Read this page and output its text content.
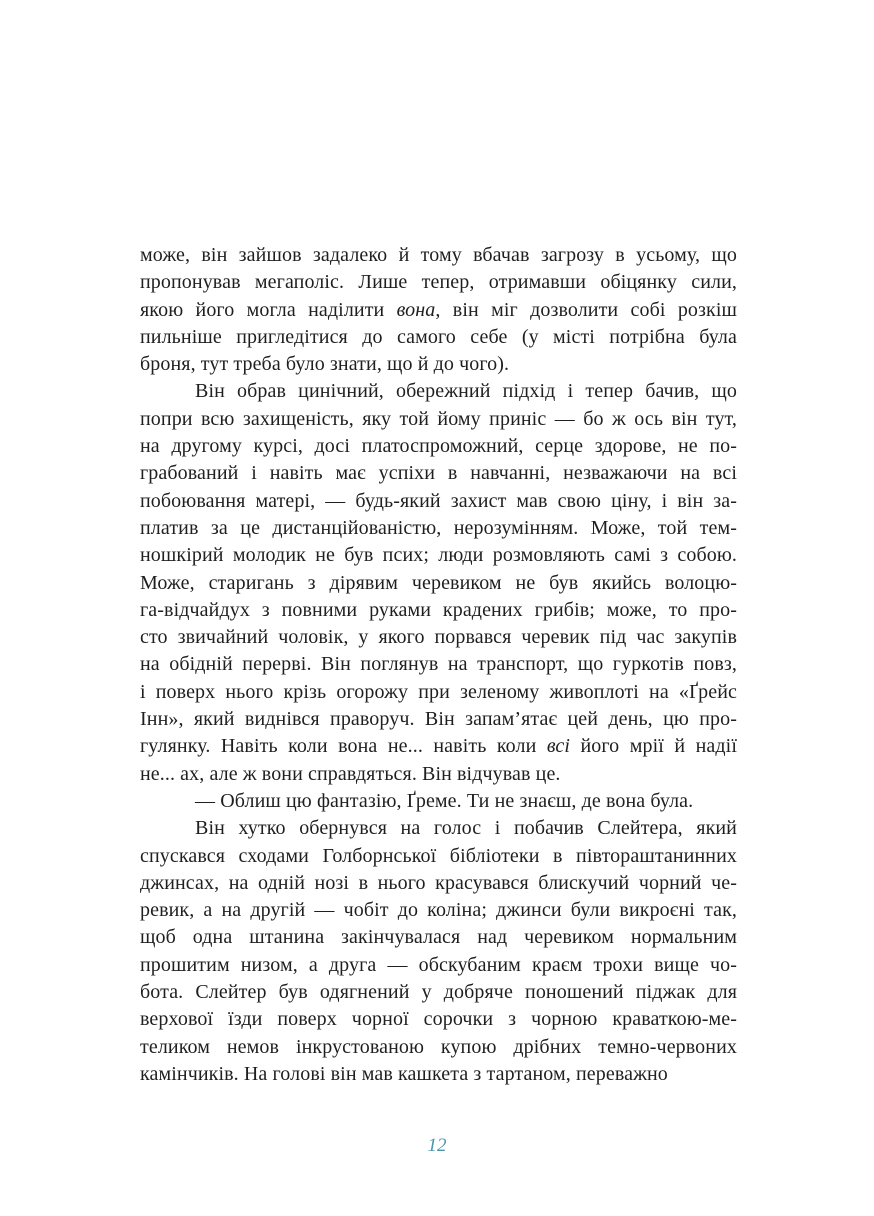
може, він зайшов задалеко й тому вбачав загрозу в усьому, що
пропонував мегаполіс. Лише тепер, отримавши обіцянку сили,
якою його могла наділити вона, він міг дозволити собі розкіш
пильніше пригледітися до самого себе (у місті потрібна була
броня, тут треба було знати, що й до чого).

Він обрав цинічний, обережний підхід і тепер бачив, що
попри всю захищеність, яку той йому приніс — бо ж ось він тут,
на другому курсі, досі платоспроможний, серце здорове, не по-
грабований і навіть має успіхи в навчанні, незважаючи на всі
побоювання матері, — будь-який захист мав свою ціну, і він за-
платив за це дистанційованістю, нерозумінням. Може, той тем-
ношкірий молодик не був псих; люди розмовляють самі з собою.
Може, старигань з дірявим черевиком не був якийсь волоцю-
га-відчайдух з повними руками крадених грибів; може, то про-
сто звичайний чоловік, у якого порвався черевик під час закупів
на обідній перерві. Він поглянув на транспорт, що гуркотів повз,
і поверх нього крізь огорожу при зеленому живоплоті на «Ґрейс
Інн», який виднівся праворуч. Він запам’ятає цей день, цю про-
гулянку. Навіть коли вона не... навіть коли всі його мрії й надії
не... ах, але ж вони справдяться. Він відчував це.

— Облиш цю фантазію, Ґреме. Ти не знаєш, де вона була.

Він хутко обернувся на голос і побачив Слейтера, який
спускався сходами Голборнської бібліотеки в півтораштанинних
джинсах, на одній нозі в нього красувався блискучий чорний че-
ревик, а на другій — чобіт до коліна; джинси були викроєні так,
щоб одна штанина закінчувалася над черевиком нормальним
прошитим низом, а друга — обскубаним краєм трохи вище чо-
бота. Слейтер був одягнений у добряче поношений піджак для
верхової їзди поверх чорної сорочки з чорною краваткою-ме-
теликом немов інкрустованою купою дрібних темно-червоних
камінчиків. На голові він мав кашкета з тартаном, переважно

12
